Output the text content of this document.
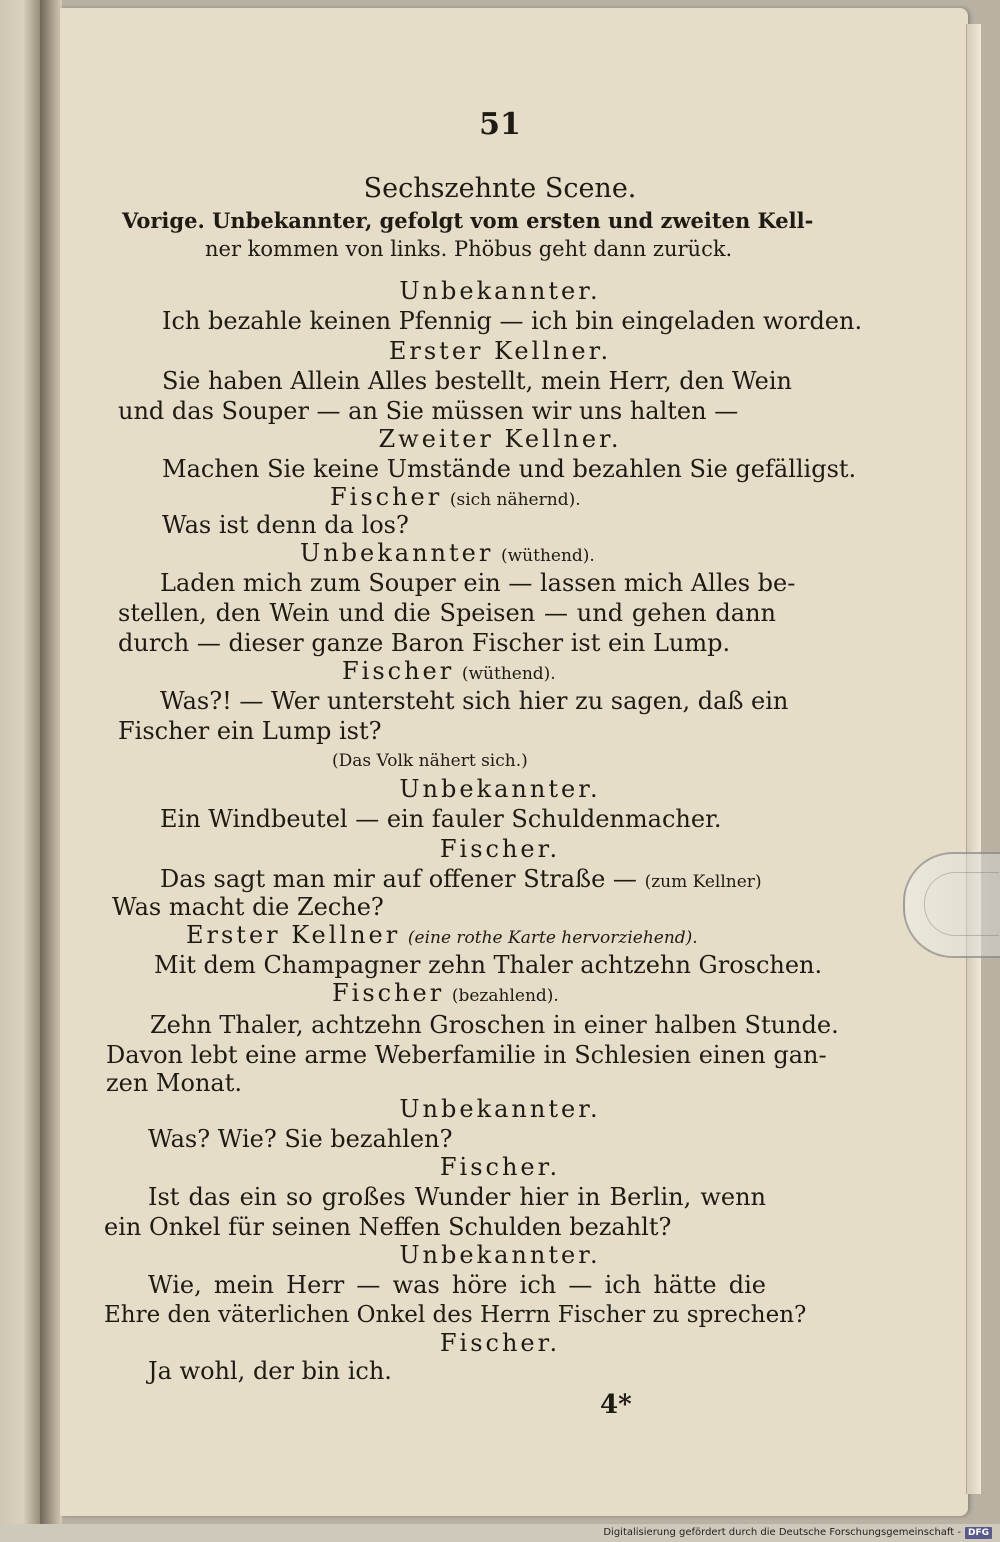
51
Sechszehnte Scene.
Vorige. Unbekannter, gefolgt vom ersten und zweiten Kell-
ner kommen von links. Phöbus geht dann zurück.
Unbekannter.
Ich bezahle keinen Pfennig — ich bin eingeladen worden.
Erster Kellner.
Sie haben Allein Alles bestellt, mein Herr, den Wein
und das Souper — an Sie müssen wir uns halten —
Zweiter Kellner.
Machen Sie keine Umstände und bezahlen Sie gefälligst.
Fischer (sich nähernd).
Was ist denn da los?
Unbekannter (wüthend).
Laden mich zum Souper ein — lassen mich Alles be-
stellen, den Wein und die Speisen — und gehen dann
durch — dieser ganze Baron Fischer ist ein Lump.
Fischer (wüthend).
Was?! — Wer untersteht sich hier zu sagen, daß ein
Fischer ein Lump ist?
(Das Volk nähert sich.)
Unbekannter.
Ein Windbeutel — ein fauler Schuldenmacher.
Fischer.
Das sagt man mir auf offener Straße — (zum Kellner)
Was macht die Zeche?
Erster Kellner (eine rothe Karte hervorziehend).
Mit dem Champagner zehn Thaler achtzehn Groschen.
Fischer (bezahlend).
Zehn Thaler, achtzehn Groschen in einer halben Stunde.
Davon lebt eine arme Weberfamilie in Schlesien einen gan-
zen Monat.
Unbekannter.
Was? Wie? Sie bezahlen?
Fischer.
Ist das ein so großes Wunder hier in Berlin, wenn
ein Onkel für seinen Neffen Schulden bezahlt?
Unbekannter.
Wie, mein Herr — was höre ich — ich hätte die
Ehre den väterlichen Onkel des Herrn Fischer zu sprechen?
Fischer.
Ja wohl, der bin ich.
4*
Digitalisierung gefördert durch die Deutsche Forschungsgemeinschaft - DFG
